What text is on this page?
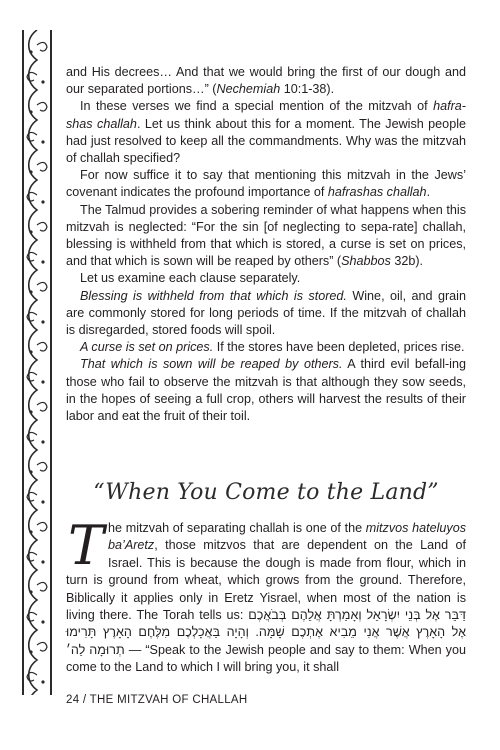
and His decrees… And that we would bring the first of our dough and our separated portions…” (Nechemiah 10:1-38).

In these verses we find a special mention of the mitzvah of hafra-shas challah. Let us think about this for a moment. The Jewish people had just resolved to keep all the commandments. Why was the mitzvah of challah specified?

For now suffice it to say that mentioning this mitzvah in the Jews’ covenant indicates the profound importance of hafrashas challah.

The Talmud provides a sobering reminder of what happens when this mitzvah is neglected: “For the sin [of neglecting to sepa-rate] challah, blessing is withheld from that which is stored, a curse is set on prices, and that which is sown will be reaped by others” (Shabbos 32b).

Let us examine each clause separately.

Blessing is withheld from that which is stored. Wine, oil, and grain are commonly stored for long periods of time. If the mitzvah of challah is disregarded, stored foods will spoil.

A curse is set on prices. If the stores have been depleted, prices rise.

That which is sown will be reaped by others. A third evil befall-ing those who fail to observe the mitzvah is that although they sow seeds, in the hopes of seeing a full crop, others will harvest the results of their labor and eat the fruit of their toil.

“When You Come to the Land”
T he mitzvah of separating challah is one of the mitzvos hateluyos ba’Aretz, those mitzvos that are dependent on the Land of Israel. This is because the dough is made from flour, which in turn is ground from wheat, which grows from the ground. Therefore, Biblically it applies only in Eretz Yisrael, when most of the nation is living there. The Torah tells us: דַּבֵּר אֶל בְּנֵי יִשְׂרָאֵל וְאָמַרְתָּ אֲלֵהֶם בְּבֹאֲכֶם אֶל הָאָרֶץ אֲשֶׁר אֲנִי מֵבִיא אֶתְכֶם שָׁמָּה. וְהָיָה בַּאֲכָלְכֶם מִלֶּחֶם הָאָרֶץ תָּרִימוּ תְרוּמָה לַה׳ — “Speak to the Jewish people and say to them: When you come to the Land to which I will bring you, it shall
24 / THE MITZVAH OF CHALLAH
